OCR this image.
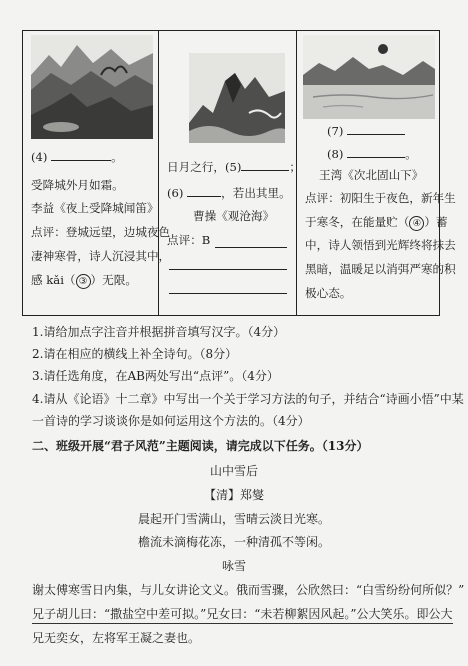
(4)	。
受降城外月如霜。
李益《夜上受降城闻笛》
点评：登城远望，边城夜色
凄神寒骨，诗人沉浸其中，
感 kǎi（ ③ ）无限。
日月之行，(5)	；
(6)	，若出其里。
曹操《观沧海》
点评：B
(7)
(8)	。
王湾《次北固山下》
点评：初阳生于夜色，新年生
于寒冬，在能量贮（ ④ ）蓄
中，诗人领悟到光辉终将抹去
黑暗，温暖足以消弭严寒的积
极心态。
1.请给加点字注音并根据拼音填写汉字。（4分）
2.请在相应的横线上补全诗句。（8分）
3.请任选角度，在AB两处写出“点评”。（4分）
4.请从《论语》十二章》中写出一个关于学习方法的句子，并结合“诗画小悟”中某
一首诗的学习谈谈你是如何运用这个方法的。（4分）
二、班级开展“君子风范”主题阅读，请完成以下任务。（13分）
山中雪后
【清】郑燮
晨起开门雪满山，雪晴云淡日光寒。
檐流未滴梅花冻，一种清孤不等闲。
咏雪
谢太傅寒雪日内集，与儿女讲论文义。俄而雪骤，公欣然曰：“白雪纷纷何所似？”
兄子胡儿曰：“撒盐空中差可拟。”兄女曰：“未若柳絮因风起。”公大笑乐。即公大
兄无奕女，左将军王凝之妻也。
